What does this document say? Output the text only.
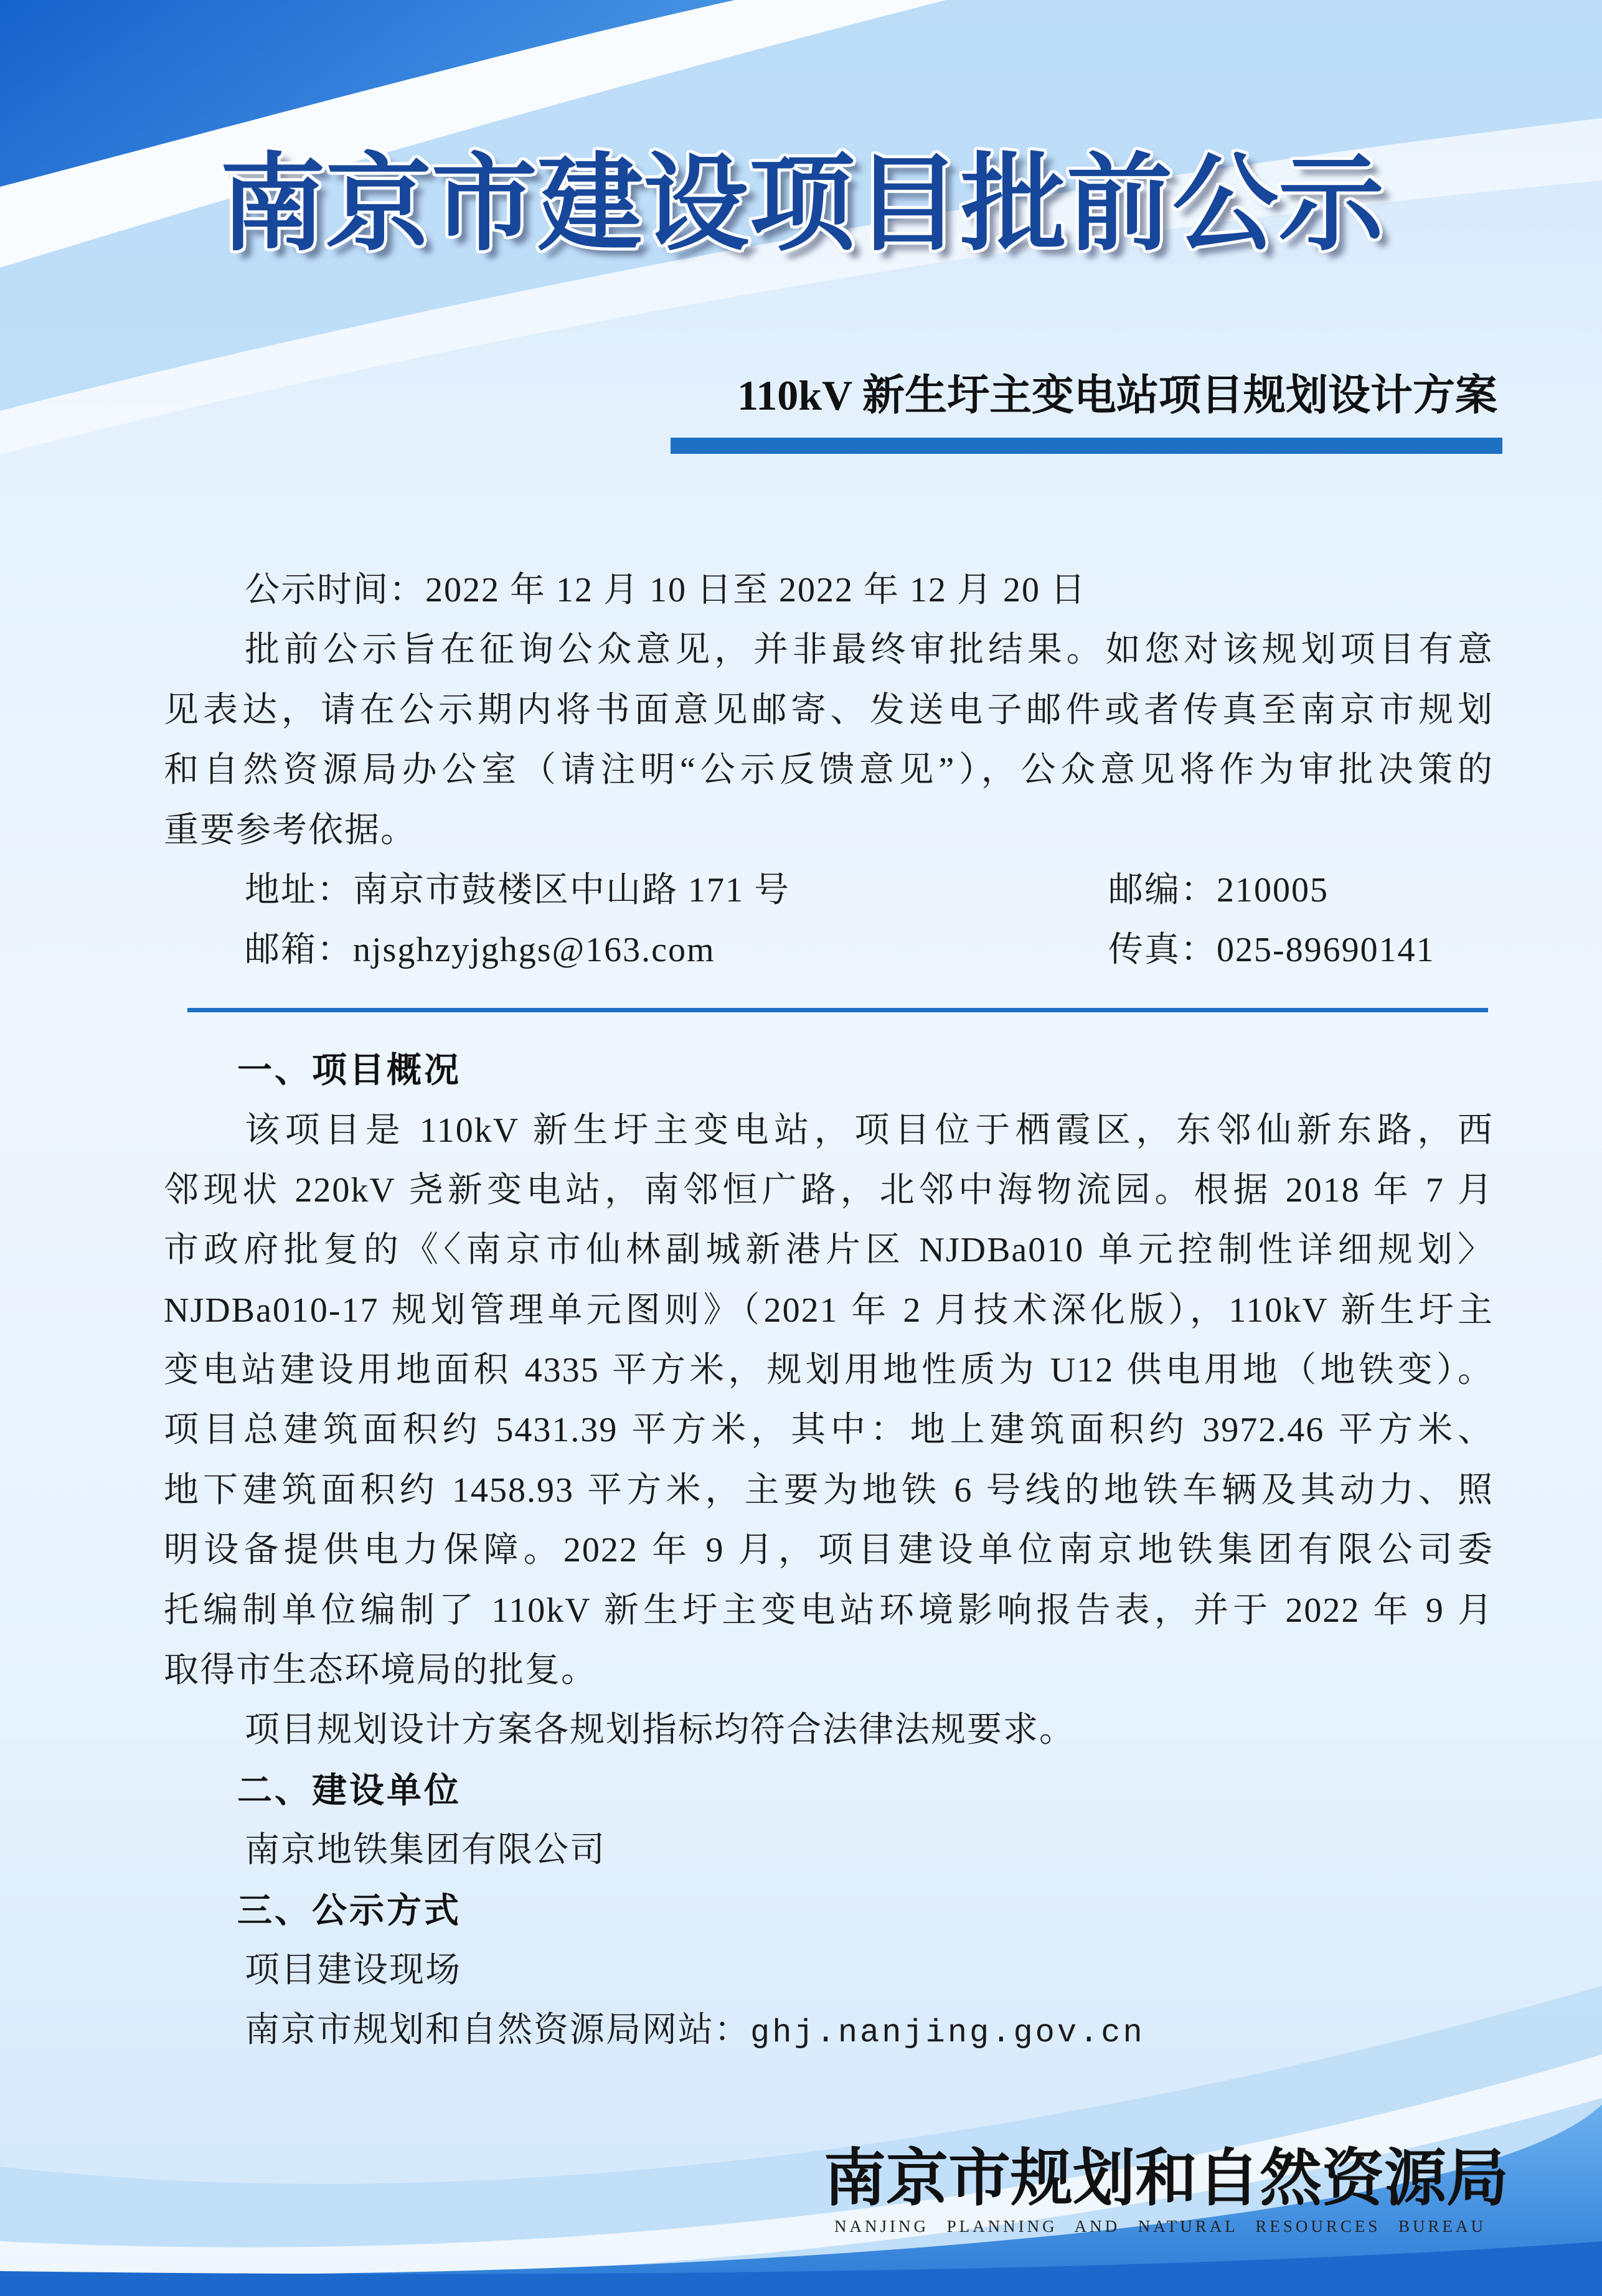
南京市建设项目批前公示
110kV 新生圩主变电站项目规划设计方案
公示时间：2022 年 12 月 10 日至 2022 年 12 月 20 日
批前公示旨在征询公众意见，并非最终审批结果。如您对该规划项目有意
见表达，请在公示期内将书面意见邮寄、发送电子邮件或者传真至南京市规划
和自然资源局办公室（请注明“公示反馈意见”），公众意见将作为审批决策的
重要参考依据。
地址：南京市鼓楼区中山路 171 号	邮编：210005
邮箱：njsghzyjghgs@163.com	传真：025-89690141
一、项目概况
该项目是 110kV 新生圩主变电站，项目位于栖霞区，东邻仙新东路，西
邻现状 220kV 尧新变电站，南邻恒广路，北邻中海物流园。根据 2018 年 7 月
市政府批复的《〈南京市仙林副城新港片区 NJDBa010 单元控制性详细规划〉
NJDBa010-17 规划管理单元图则》（2021 年 2 月技术深化版），110kV 新生圩主
变电站建设用地面积 4335 平方米，规划用地性质为 U12 供电用地（地铁变）。
项目总建筑面积约 5431.39 平方米，其中：地上建筑面积约 3972.46 平方米、
地下建筑面积约 1458.93 平方米，主要为地铁 6 号线的地铁车辆及其动力、照
明设备提供电力保障。2022 年 9 月，项目建设单位南京地铁集团有限公司委
托编制单位编制了 110kV 新生圩主变电站环境影响报告表，并于 2022 年 9 月
取得市生态环境局的批复。
项目规划设计方案各规划指标均符合法律法规要求。
二、建设单位
南京地铁集团有限公司
三、公示方式
项目建设现场
南京市规划和自然资源局网站：ghj.nanjing.gov.cn
南京市规划和自然资源局
NANJING PLANNING AND NATURAL RESOURCES BUREAU
